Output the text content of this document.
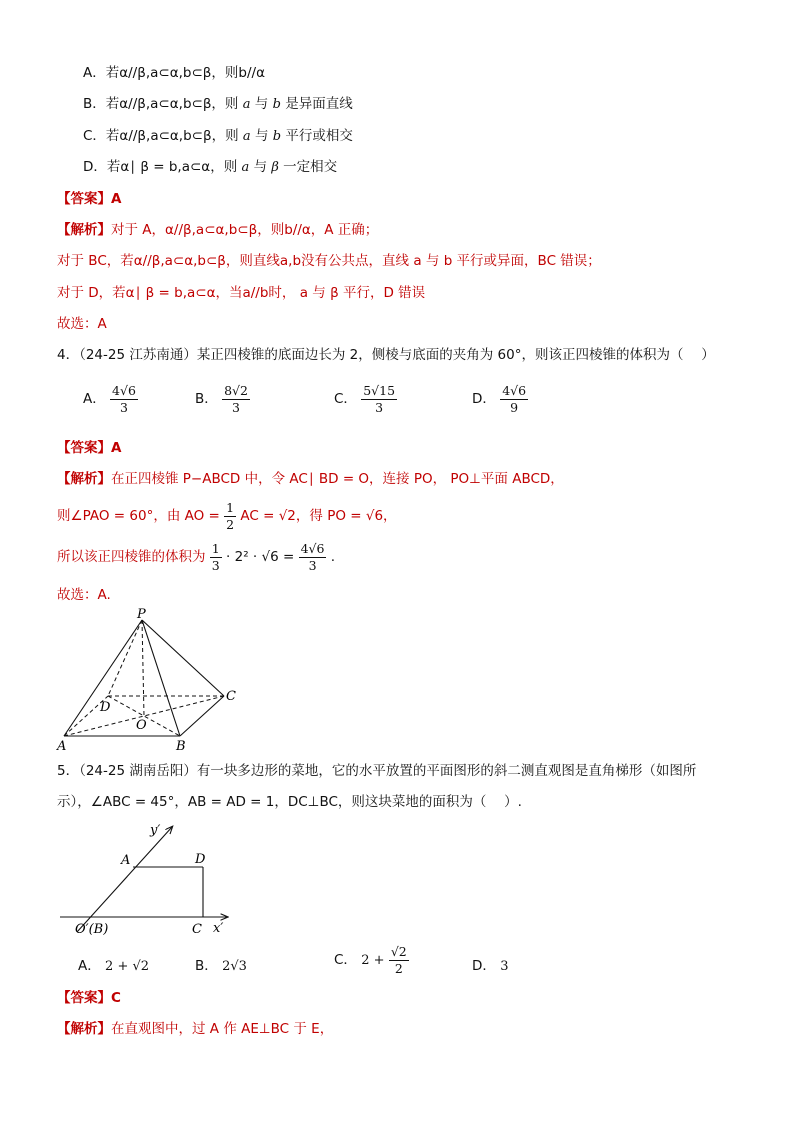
A．若α//β,a⊂α,b⊂β，则b//α
B．若α//β,a⊂α,b⊂β，则 a 与 b 是异面直线
C．若α//β,a⊂α,b⊂β，则 a 与 b 平行或相交
D．若α∣ β = b,a⊂α，则 a 与 β 一定相交
【答案】A
【解析】对于 A，α//β,a⊂α,b⊂β，则b//α，A 正确；
对于 BC，若α//β,a⊂α,b⊂β，则直线a,b没有公共点，直线 a 与 b 平行或异面，BC 错误；
对于 D，若α∣ β = b,a⊂α，当a//b时， a 与 β 平行，D 错误
故选：A
4．（24-25 江苏南通）某正四棱锥的底面边长为 2，侧棱与底面的夹角为 60°，则该正四棱锥的体积为（　 ）
A． $\frac{4√6}{3}$	B． $\frac{8√2}{3}$	C． $\frac{5√15}{3}$	D． $\frac{4√6}{9}$
【答案】A
【解析】在正四棱锥 P−ABCD 中，令 AC∣ BD = O，连接 PO， PO⊥平面 ABCD，
则∠PAO = 60°，由 AO = $\frac{1}{2}$ AC = √2，得 PO = √6，
所以该正四棱锥的体积为 $\frac{1}{3} \cdot 2^2 \cdot √6 = \frac{4√6}{3}$ .
故选：A.
P
A	B
C
D
O
5．（24-25 湖南岳阳）有一块多边形的菜地，它的水平放置的平面图形的斜二测直观图是直角梯形（如图所
示），∠ABC = 45°，AB = AD = 1，DC⊥BC，则这块菜地的面积为（　 ）.
y′
x′
A	D
C
O′(B)
A． 2 + √2	B． 2√3	C． $2 + \frac{√2}{2}$	D． 3
【答案】C
【解析】在直观图中，过 A 作 AE⊥BC 于 E，
